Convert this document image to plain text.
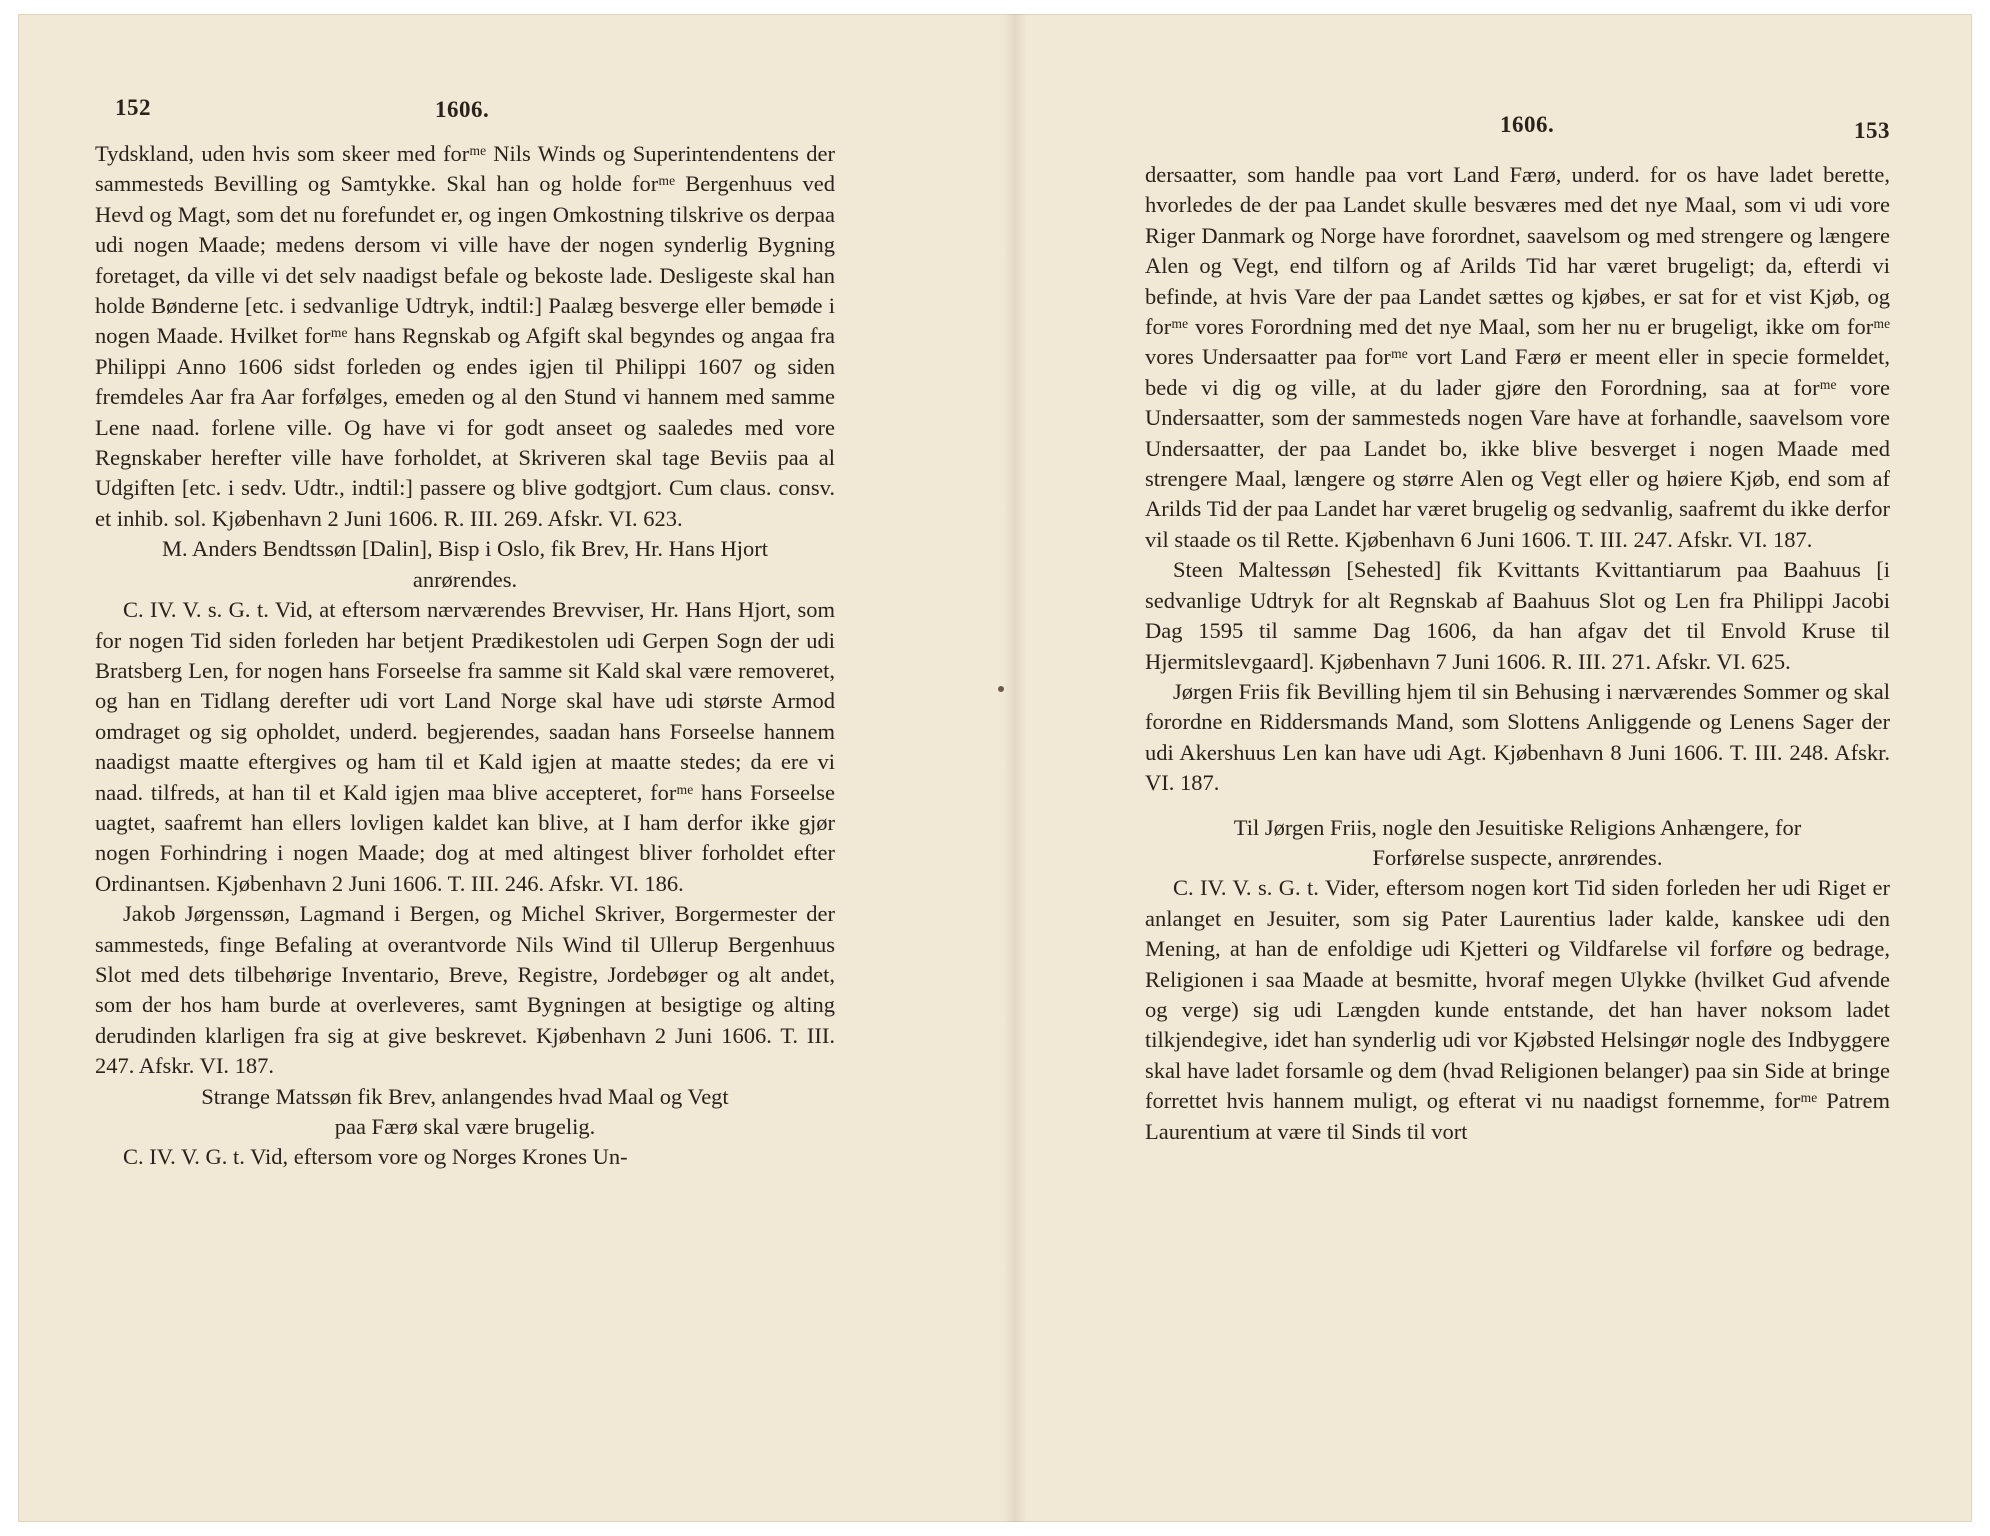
152	1606.

Tydskland, uden hvis som skeer med forᵐᵉ Nils Winds og Superintendentens der sammesteds Bevilling og Samtykke. Skal han og holde forᵐᵉ Bergenhuus ved Hevd og Magt, som det nu forefundet er, og ingen Omkostning tilskrive os derpaa udi nogen Maade; medens dersom vi ville have der nogen synderlig Bygning foretaget, da ville vi det selv naadigst befale og bekoste lade. Desligeste skal han holde Bønderne [etc. i sedvanlige Udtryk, indtil:] Paalæg besverge eller bemøde i nogen Maade. Hvilket forᵐᵉ hans Regnskab og Afgift skal begyndes og angaa fra Philippi Anno 1606 sidst forleden og endes igjen til Philippi 1607 og siden fremdeles Aar fra Aar forfølges, emeden og al den Stund vi hannem med samme Lene naad. forlene ville. Og have vi for godt anseet og saaledes med vore Regnskaber herefter ville have forholdet, at Skriveren skal tage Beviis paa al Udgiften [etc. i sedv. Udtr., indtil:] passere og blive godtgjort. Cum claus. consv. et inhib. sol. Kjøbenhavn 2 Juni 1606. R. III. 269. Afskr. VI. 623.

M. Anders Bendtssøn [Dalin], Bisp i Oslo, fik Brev, Hr. Hans Hjort anrørendes.

C. IV. V. s. G. t. Vid, at eftersom nærværendes Brevviser, Hr. Hans Hjort, som for nogen Tid siden forleden har betjent Prædikestolen udi Gerpen Sogn der udi Bratsberg Len, for nogen hans Forseelse fra samme sit Kald skal være removeret, og han en Tidlang derefter udi vort Land Norge skal have udi største Armod omdraget og sig opholdet, underd. begjerendes, saadan hans Forseelse hannem naadigst maatte eftergives og ham til et Kald igjen at maatte stedes; da ere vi naad. tilfreds, at han til et Kald igjen maa blive accepteret, forᵐᵉ hans Forseelse uagtet, saafremt han ellers lovligen kaldet kan blive, at I ham derfor ikke gjør nogen Forhindring i nogen Maade; dog at med altingest bliver forholdet efter Ordinantsen. Kjøbenhavn 2 Juni 1606. T. III. 246. Afskr. VI. 186.

Jakob Jørgenssøn, Lagmand i Bergen, og Michel Skriver, Borgermester der sammesteds, finge Befaling at overantvorde Nils Wind til Ullerup Bergenhuus Slot med dets tilbehørige Inventario, Breve, Registre, Jordebøger og alt andet, som der hos ham burde at overleveres, samt Bygningen at besigtige og alting derudinden klarligen fra sig at give beskrevet. Kjøbenhavn 2 Juni 1606. T. III. 247. Afskr. VI. 187.

Strange Matssøn fik Brev, anlangendes hvad Maal og Vegt paa Færø skal være brugelig.

C. IV. V. G. t. Vid, eftersom vore og Norges Krones Un-

1606.	153

dersaatter, som handle paa vort Land Færø, underd. for os have ladet berette, hvorledes de der paa Landet skulle besværes med det nye Maal, som vi udi vore Riger Danmark og Norge have forordnet, saavelsom og med strengere og længere Alen og Vegt, end tilforn og af Arilds Tid har været brugeligt; da, efterdi vi befinde, at hvis Vare der paa Landet sættes og kjøbes, er sat for et vist Kjøb, og forᵐᵉ vores Forordning med det nye Maal, som her nu er brugeligt, ikke om forᵐᵉ vores Undersaatter paa forᵐᵉ vort Land Færø er meent eller in specie formeldet, bede vi dig og ville, at du lader gjøre den Forordning, saa at forᵐᵉ vore Undersaatter, som der sammesteds nogen Vare have at forhandle, saavelsom vore Undersaatter, der paa Landet bo, ikke blive besverget i nogen Maade med strengere Maal, længere og større Alen og Vegt eller og høiere Kjøb, end som af Arilds Tid der paa Landet har været brugelig og sedvanlig, saafremt du ikke derfor vil staade os til Rette. Kjøbenhavn 6 Juni 1606. T. III. 247. Afskr. VI. 187.

Steen Maltessøn [Sehested] fik Kvittants Kvittantiarum paa Baahuus [i sedvanlige Udtryk for alt Regnskab af Baahuus Slot og Len fra Philippi Jacobi Dag 1595 til samme Dag 1606, da han afgav det til Envold Kruse til Hjermitslevgaard]. Kjøbenhavn 7 Juni 1606. R. III. 271. Afskr. VI. 625.

Jørgen Friis fik Bevilling hjem til sin Behusing i nærværendes Sommer og skal forordne en Riddersmands Mand, som Slottens Anliggende og Lenens Sager der udi Akershuus Len kan have udi Agt. Kjøbenhavn 8 Juni 1606. T. III. 248. Afskr. VI. 187.

Til Jørgen Friis, nogle den Jesuitiske Religions Anhængere, for Forførelse suspecte, anrørendes.

C. IV. V. s. G. t. Vider, eftersom nogen kort Tid siden forleden her udi Riget er anlanget en Jesuiter, som sig Pater Laurentius lader kalde, kanskee udi den Mening, at han de enfoldige udi Kjetteri og Vildfarelse vil forføre og bedrage, Religionen i saa Maade at besmitte, hvoraf megen Ulykke (hvilket Gud afvende og verge) sig udi Længden kunde entstande, det han haver noksom ladet tilkjendegive, idet han synderlig udi vor Kjøbsted Helsingør nogle des Indbyggere skal have ladet forsamle og dem (hvad Religionen belanger) paa sin Side at bringe forrettet hvis hannem muligt, og efterat vi nu naadigst fornemme, forᵐᵉ Patrem Laurentium at være til Sinds til vort
